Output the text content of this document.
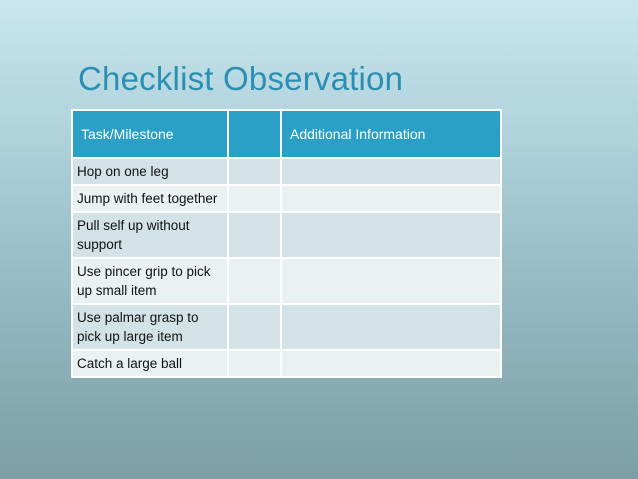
Checklist Observation
Task/Milestone		Additional Information
Hop on one leg		
Jump with feet together		
Pull self up without support		
Use pincer grip to pick up small item		
Use palmar grasp to pick up large item		
Catch a large ball		
